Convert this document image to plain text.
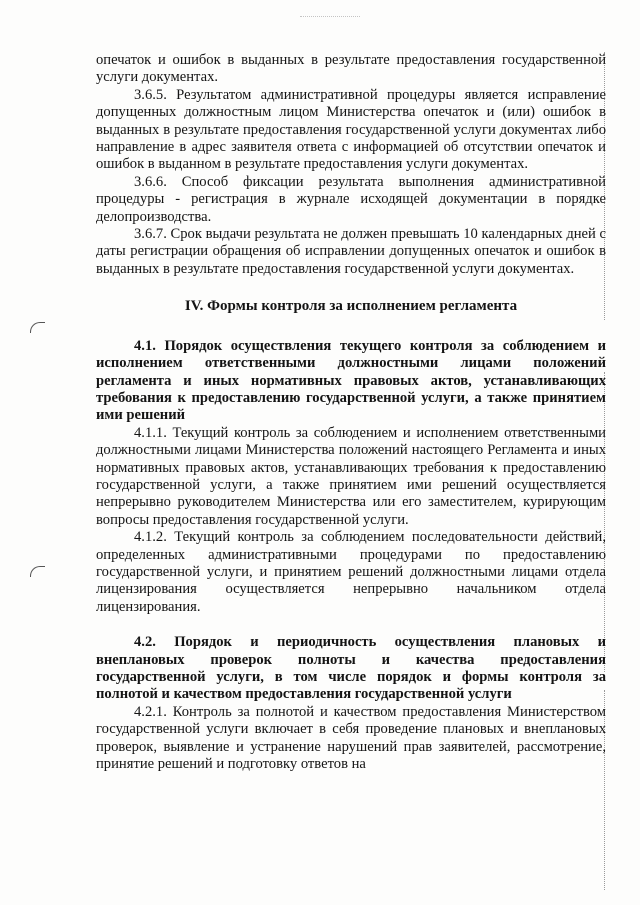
опечаток и ошибок в выданных в результате предоставления государственной услуги документах.

3.6.5. Результатом административной процедуры является исправление допущенных должностным лицом Министерства опечаток и (или) ошибок в выданных в результате предоставления государственной услуги документах либо направление в адрес заявителя ответа с информацией об отсутствии опечаток и ошибок в выданном в результате предоставления услуги документах.

3.6.6. Способ фиксации результата выполнения административной процедуры - регистрация в журнале исходящей документации в порядке делопроизводства.

3.6.7. Срок выдачи результата не должен превышать 10 календарных дней с даты регистрации обращения об исправлении допущенных опечаток и ошибок в выданных в результате предоставления государственной услуги документах.

IV. Формы контроля за исполнением регламента

4.1. Порядок осуществления текущего контроля за соблюдением и исполнением ответственными должностными лицами положений регламента и иных нормативных правовых актов, устанавливающих требования к предоставлению государственной услуги, а также принятием ими решений

4.1.1. Текущий контроль за соблюдением и исполнением ответственными должностными лицами Министерства положений настоящего Регламента и иных нормативных правовых актов, устанавливающих требования к предоставлению государственной услуги, а также принятием ими решений осуществляется непрерывно руководителем Министерства или его заместителем, курирующим вопросы предоставления государственной услуги.

4.1.2. Текущий контроль за соблюдением последовательности действий, определенных административными процедурами по предоставлению государственной услуги, и принятием решений должностными лицами отдела лицензирования осуществляется непрерывно начальником отдела лицензирования.

4.2. Порядок и периодичность осуществления плановых и внеплановых проверок полноты и качества предоставления государственной услуги, в том числе порядок и формы контроля за полнотой и качеством предоставления государственной услуги

4.2.1. Контроль за полнотой и качеством предоставления Министерством государственной услуги включает в себя проведение плановых и внеплановых проверок, выявление и устранение нарушений прав заявителей, рассмотрение, принятие решений и подготовку ответов на
